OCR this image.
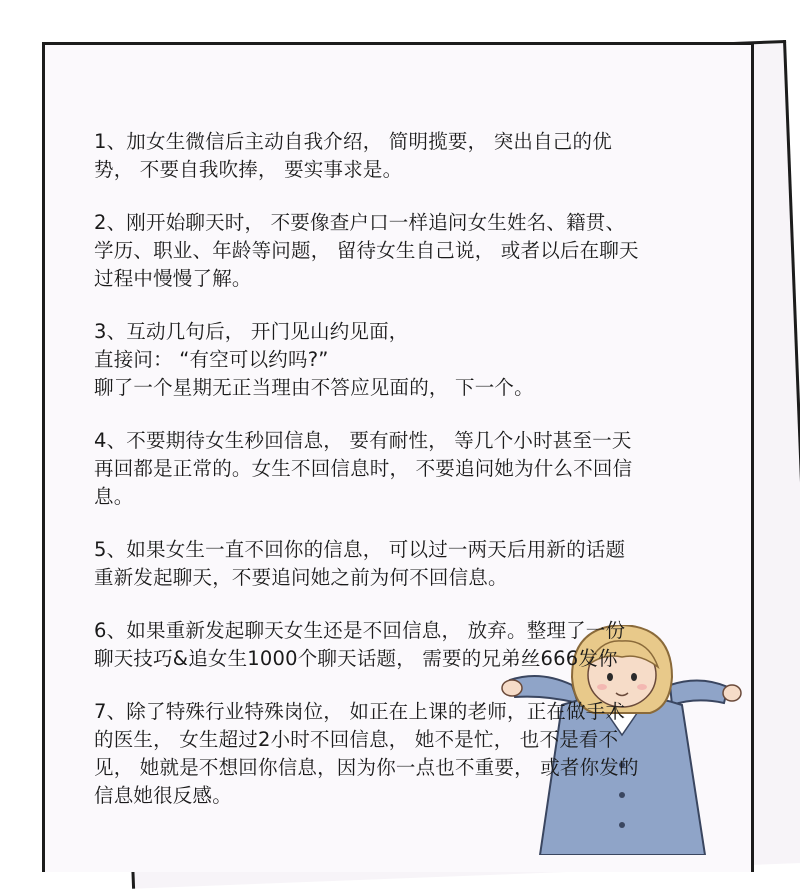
1、加女生微信后主动自我介绍， 简明揽要， 突出自己的优
势， 不要自我吹捧， 要实事求是。

2、刚开始聊天时， 不要像查户口一样追问女生姓名、籍贯、
学历、职业、年龄等问题， 留待女生自己说， 或者以后在聊天
过程中慢慢了解。

3、互动几句后， 开门见山约见面，
直接问： “有空可以约吗?”
聊了一个星期无正当理由不答应见面的， 下一个。

4、不要期待女生秒回信息， 要有耐性， 等几个小时甚至一天
再回都是正常的。女生不回信息时， 不要追问她为什么不回信
息。

5、如果女生一直不回你的信息， 可以过一两天后用新的话题
重新发起聊天，不要追问她之前为何不回信息。

6、如果重新发起聊天女生还是不回信息， 放弃。整理了一份
聊天技巧&追女生1000个聊天话题， 需要的兄弟丝666发你

7、除了特殊行业特殊岗位， 如正在上课的老师，正在做手术
的医生， 女生超过2小时不回信息， 她不是忙， 也不是看不
见， 她就是不想回你信息，因为你一点也不重要， 或者你发的
信息她很反感。
